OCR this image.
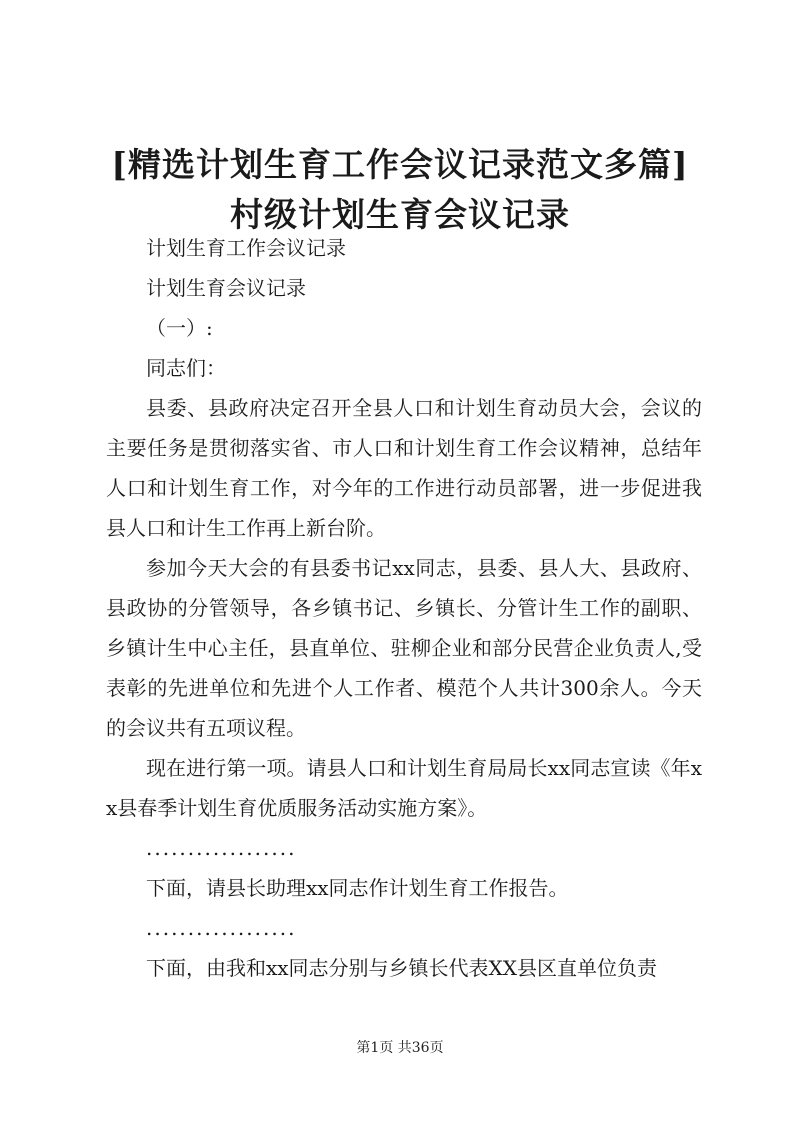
[精选计划生育工作会议记录范文多篇]村级计划生育会议记录

计划生育工作会议记录

计划生育会议记录

（一）:

同志们：

县委、县政府决定召开全县人口和计划生育动员大会，会议的主要任务是贯彻落实省、市人口和计划生育工作会议精神，总结年人口和计划生育工作，对今年的工作进行动员部署，进一步促进我县人口和计生工作再上新台阶。

参加今天大会的有县委书记xx同志，县委、县人大、县政府、县政协的分管领导，各乡镇书记、乡镇长、分管计生工作的副职、乡镇计生中心主任，县直单位、驻柳企业和部分民营企业负责人,受表彰的先进单位和先进个人工作者、模范个人共计300余人。今天的会议共有五项议程。

现在进行第一项。请县人口和计划生育局局长xx同志宣读《年xx县春季计划生育优质服务活动实施方案》。

..................

下面，请县长助理xx同志作计划生育工作报告。

..................

下面，由我和xx同志分别与乡镇长代表XX县区直单位负责

第1页 共36页
